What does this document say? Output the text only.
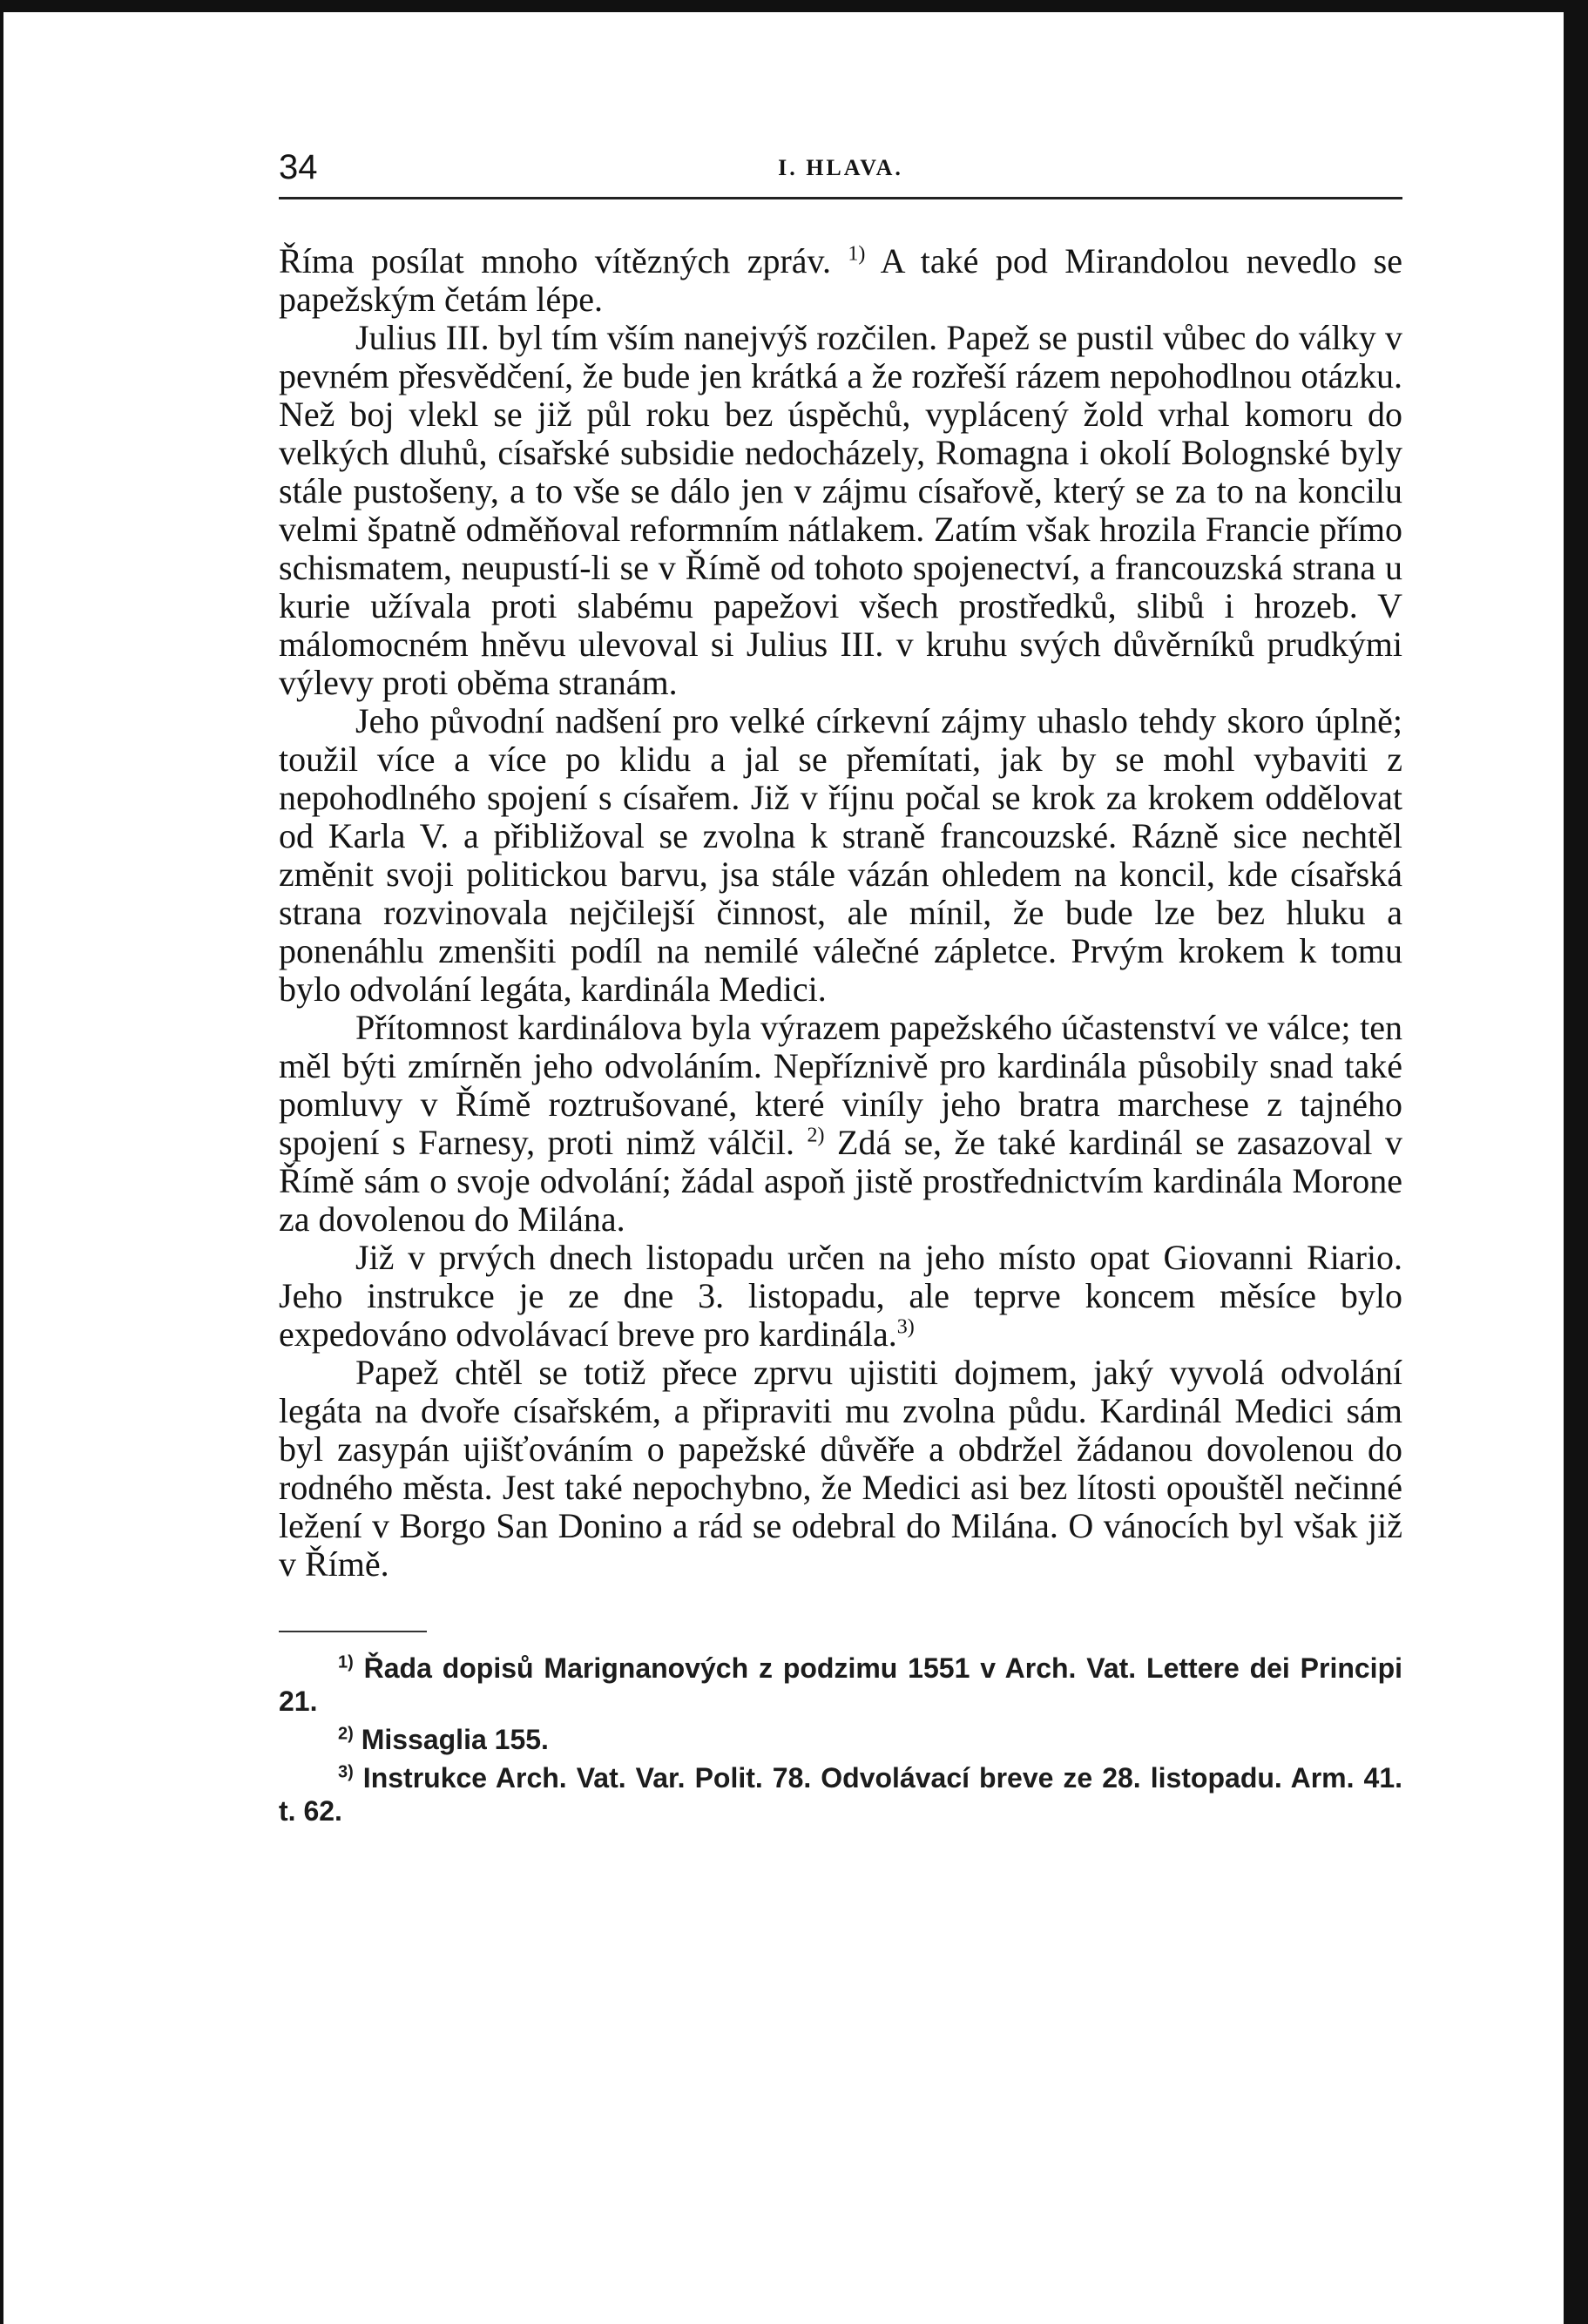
34	I. HLAVA.

Říma posílat mnoho vítězných zpráv. $^{1)}$ A také pod Mirandolou nevedlo se papežským četám lépe.

Julius III. byl tím vším nanejvýš rozčilen. Papež se pustil vůbec do války v pevném přesvědčení, že bude jen krátká a že rozřeší rázem nepohodlnou otázku. Než boj vlekl se již půl roku bez úspěchů, vyplácený žold vrhal komoru do velkých dluhů, císařské subsidie nedocházely, Romagna i okolí Bolognské byly stále pustošeny, a to vše se dálo jen v zájmu císařově, který se za to na koncilu velmi špatně odměňoval reformním nátlakem. Zatím však hrozila Francie přímo schismatem, neupustí-li se v Římě od tohoto spojenectví, a francouzská strana u kurie užívala proti slabému papežovi všech prostředků, slibů i hrozeb. V málomocném hněvu ulevoval si Julius III. v kruhu svých důvěrníků prudkými výlevy proti oběma stranám.

Jeho původní nadšení pro velké církevní zájmy uhaslo tehdy skoro úplně; toužil více a více po klidu a jal se přemítati, jak by se mohl vybaviti z nepohodlného spojení s císařem. Již v říjnu počal se krok za krokem oddělovat od Karla V. a přibližoval se zvolna k straně francouzské. Rázně sice nechtěl změnit svoji politickou barvu, jsa stále vázán ohledem na koncil, kde císařská strana rozvinovala nejčilejší činnost, ale mínil, že bude lze bez hluku a ponenáhlu zmenšiti podíl na nemilé válečné zápletce. Prvým krokem k tomu bylo odvolání legáta, kardinála Medici.

Přítomnost kardinálova byla výrazem papežského účastenství ve válce; ten měl býti zmírněn jeho odvoláním. Nepříznivě pro kardinála působily snad také pomluvy v Římě roztrušované, které viníly jeho bratra marchese z tajného spojení s Farnesy, proti nimž válčil. $^{2)}$ Zdá se, že také kardinál se zasazoval v Římě sám o svoje odvolání; žádal aspoň jistě prostřednictvím kardinála Morone za dovolenou do Milána.

Již v prvých dnech listopadu určen na jeho místo opat Giovanni Riario. Jeho instrukce je ze dne 3. listopadu, ale teprve koncem měsíce bylo expedováno odvolávací breve pro kardinála.$^{3)}$

Papež chtěl se totiž přece zprvu ujistiti dojmem, jaký vyvolá odvolání legáta na dvoře císařském, a připraviti mu zvolna půdu. Kardinál Medici sám byl zasypán ujišťováním o papežské důvěře a obdržel žádanou dovolenou do rodného města. Jest také nepochybno, že Medici asi bez lítosti opouštěl nečinné ležení v Borgo San Donino a rád se odebral do Milána. O vánocích byl však již v Římě.

$^{1)}$ Řada dopisů Marignanových z podzimu 1551 v Arch. Vat. Lettere dei Principi 21.

$^{2)}$ Missaglia 155.

$^{3)}$ Instrukce Arch. Vat. Var. Polit. 78. Odvolávací breve ze 28. listopadu. Arm. 41. t. 62.
